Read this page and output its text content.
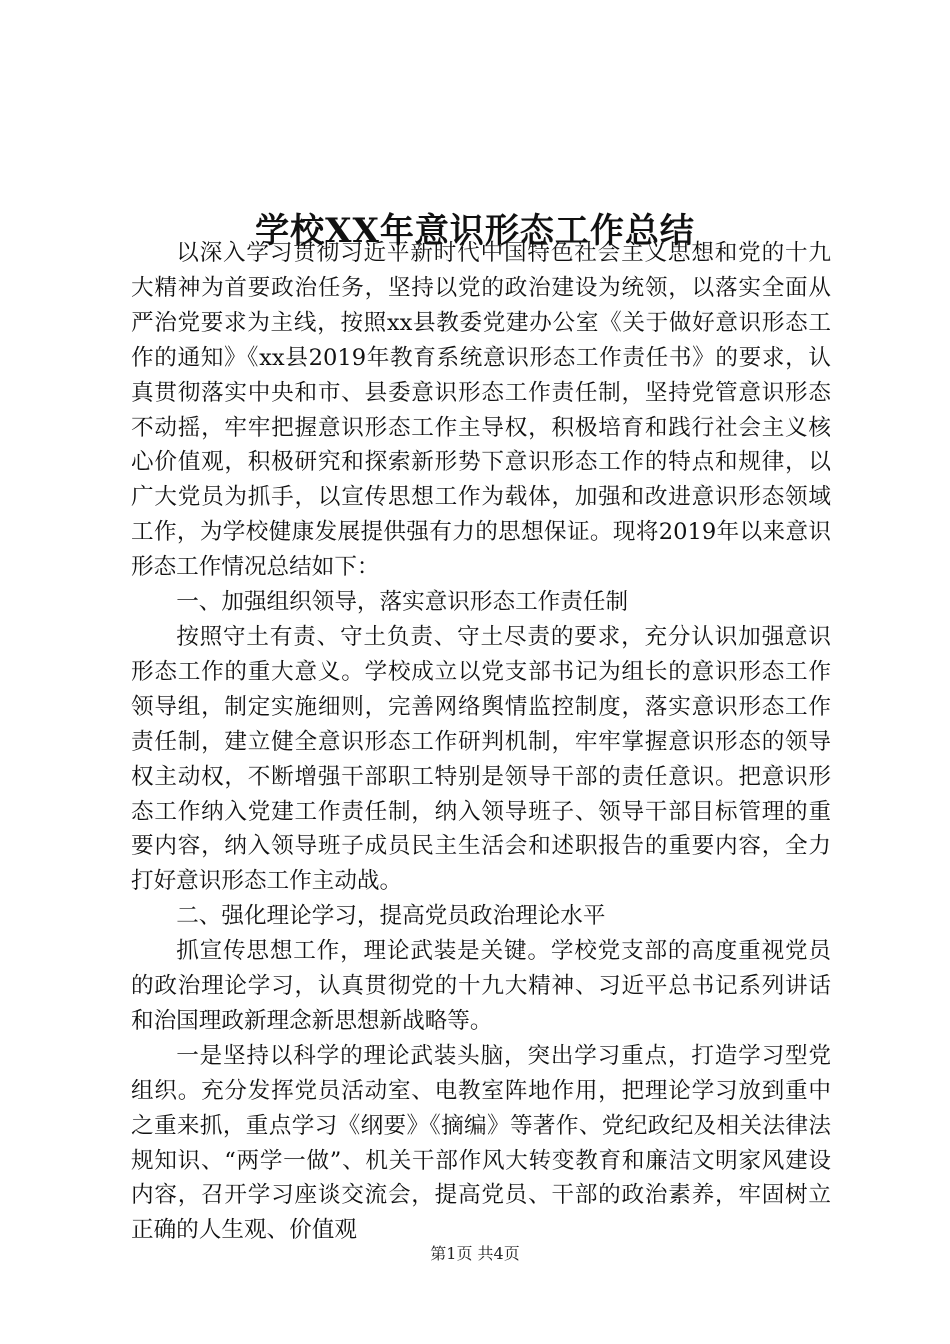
学校XX年意识形态工作总结

以深入学习贯彻习近平新时代中国特色社会主义思想和党的十九大精神为首要政治任务，坚持以党的政治建设为统领，以落实全面从严治党要求为主线，按照xx县教委党建办公室《关于做好意识形态工作的通知》《xx县2019年教育系统意识形态工作责任书》的要求，认真贯彻落实中央和市、县委意识形态工作责任制，坚持党管意识形态不动摇，牢牢把握意识形态工作主导权，积极培育和践行社会主义核心价值观，积极研究和探索新形势下意识形态工作的特点和规律，以广大党员为抓手，以宣传思想工作为载体，加强和改进意识形态领域工作，为学校健康发展提供强有力的思想保证。现将2019年以来意识形态工作情况总结如下：

一、加强组织领导，落实意识形态工作责任制

按照守土有责、守土负责、守土尽责的要求，充分认识加强意识形态工作的重大意义。学校成立以党支部书记为组长的意识形态工作领导组，制定实施细则，完善网络舆情监控制度，落实意识形态工作责任制，建立健全意识形态工作研判机制，牢牢掌握意识形态的领导权主动权，不断增强干部职工特别是领导干部的责任意识。把意识形态工作纳入党建工作责任制，纳入领导班子、领导干部目标管理的重要内容，纳入领导班子成员民主生活会和述职报告的重要内容，全力打好意识形态工作主动战。

二、强化理论学习，提高党员政治理论水平

抓宣传思想工作，理论武装是关键。学校党支部的高度重视党员的政治理论学习，认真贯彻党的十九大精神、习近平总书记系列讲话和治国理政新理念新思想新战略等。

一是坚持以科学的理论武装头脑，突出学习重点，打造学习型党组织。充分发挥党员活动室、电教室阵地作用，把理论学习放到重中之重来抓，重点学习《纲要》《摘编》等著作、党纪政纪及相关法律法规知识、“两学一做”、机关干部作风大转变教育和廉洁文明家风建设内容，召开学习座谈交流会，提高党员、干部的政治素养，牢固树立正确的人生观、价值观

第1页 共4页
